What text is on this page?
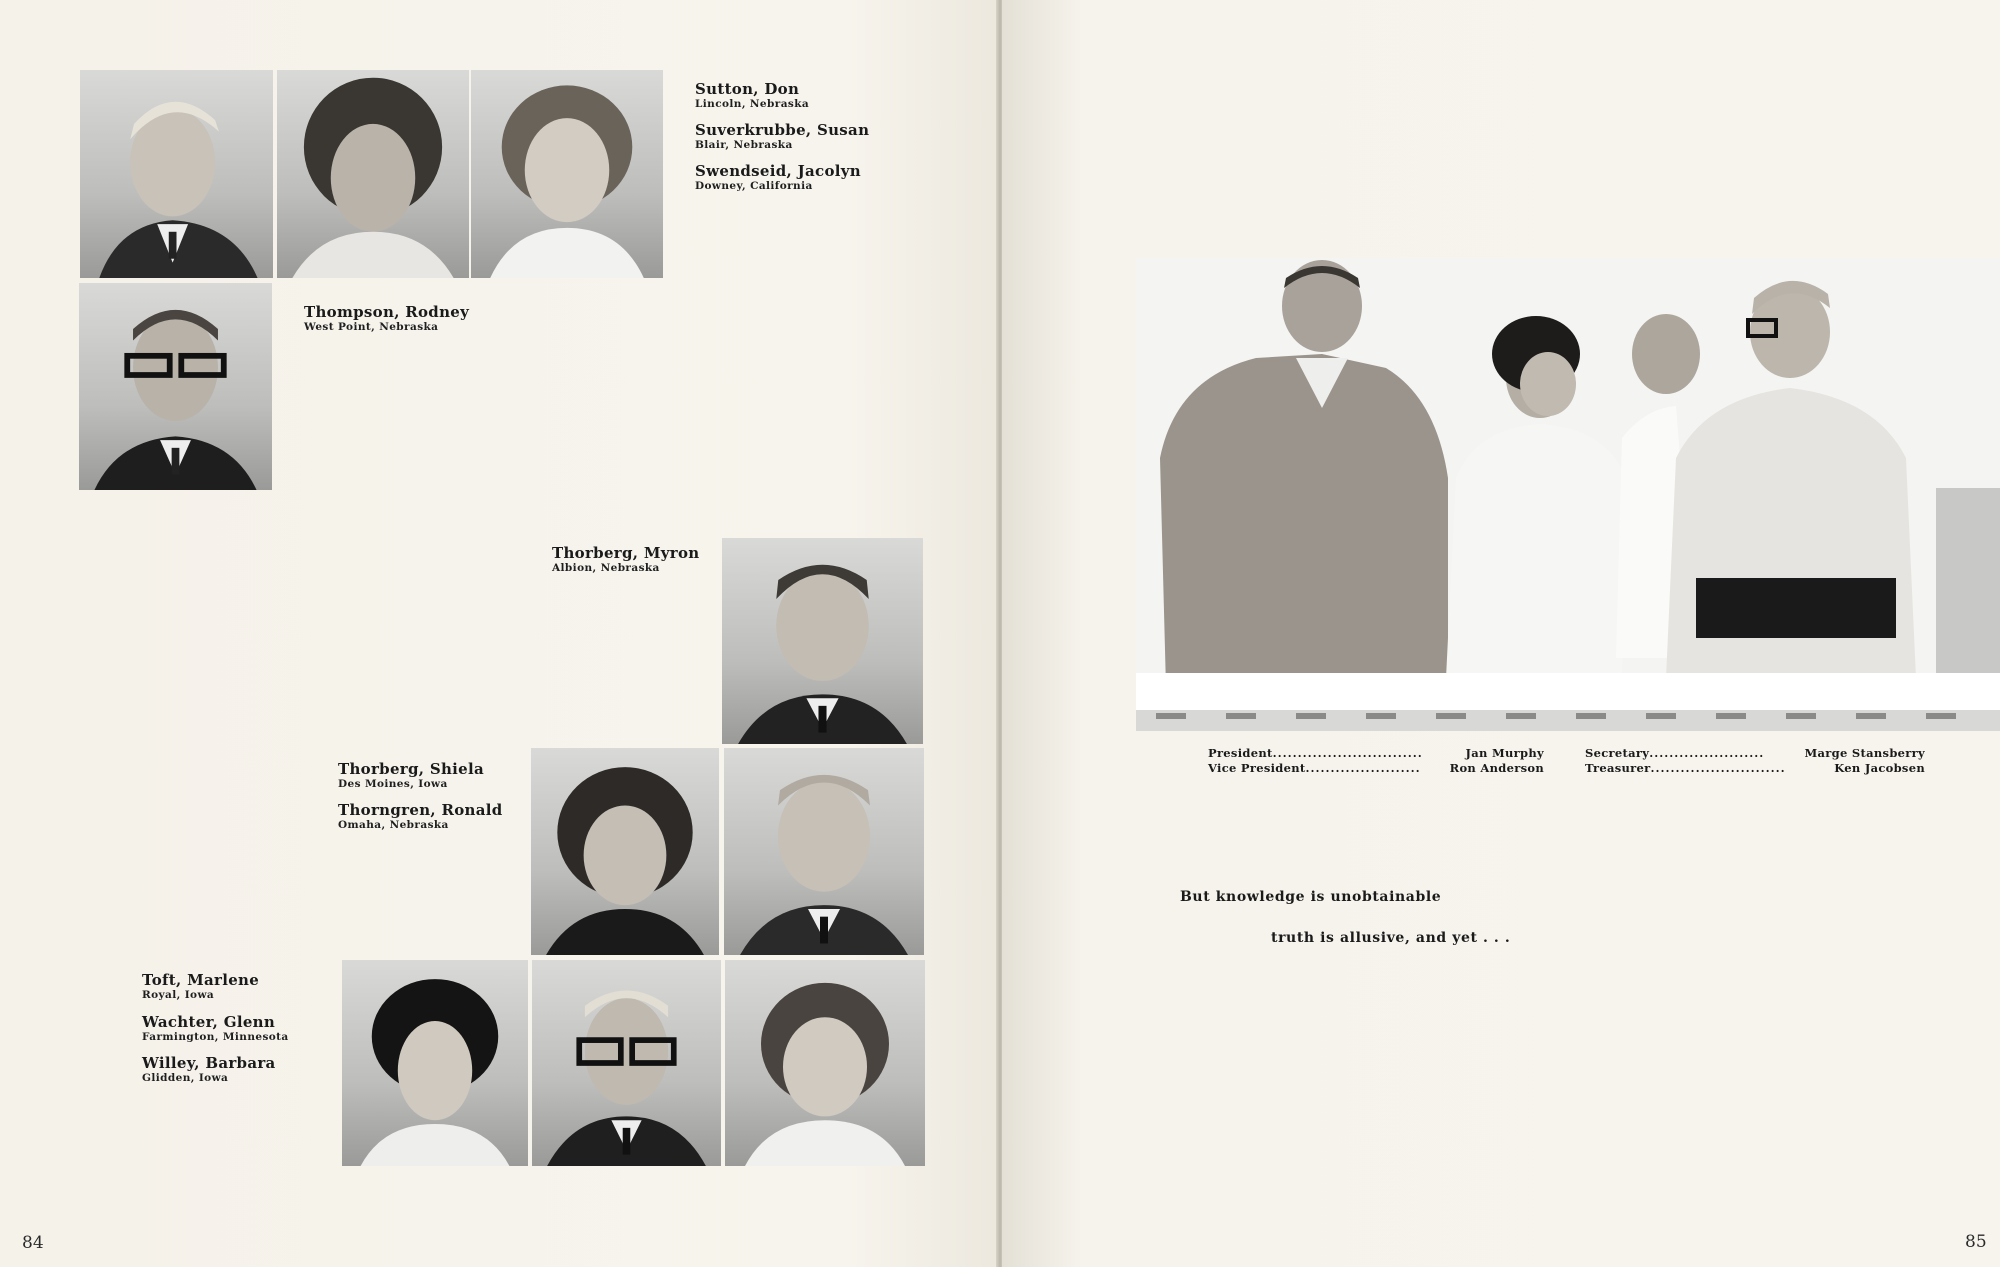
Sutton, Don
Lincoln, Nebraska
Suverkrubbe, Susan
Blair, Nebraska
Swendseid, Jacolyn
Downey, California
Thompson, Rodney
West Point, Nebraska
Thorberg, Myron
Albion, Nebraska
Thorberg, Shiela
Des Moines, Iowa
Thorngren, Ronald
Omaha, Nebraska
Toft, Marlene
Royal, Iowa
Wachter, Glenn
Farmington, Minnesota
Willey, Barbara
Glidden, Iowa
84	85
President ..............................	Jan Murphy
Vice President .......................	Ron Anderson
Secretary .......................	Marge Stansberry
Treasurer ...........................	Ken Jacobsen
But knowledge is unobtainable
truth is allusive, and yet . . .
